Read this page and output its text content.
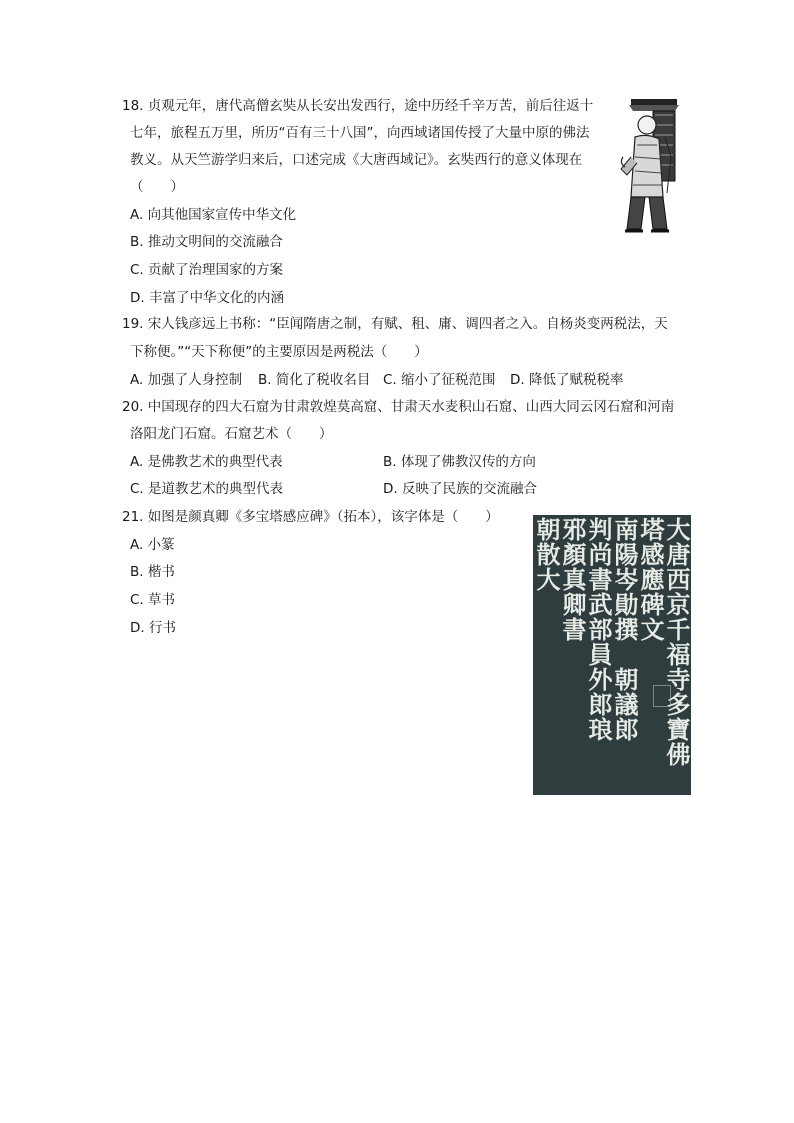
18. 贞观元年，唐代高僧玄奘从长安出发西行，途中历经千辛万苦，前后往返十
七年，旅程五万里，所历“百有三十八国”，向西域诸国传授了大量中原的佛法
教义。从天竺游学归来后，口述完成《大唐西域记》。玄奘西行的意义体现在
（　　）
A. 向其他国家宣传中华文化
B. 推动文明间的交流融合
C. 贡献了治理国家的方案
D. 丰富了中华文化的内涵
19. 宋人钱彦远上书称：“臣闻隋唐之制，有赋、租、庸、调四者之入。自杨炎变两税法，天
下称便。”“天下称便”的主要原因是两税法（　　）
A. 加强了人身控制 B. 简化了税收名目 C. 缩小了征税范围 D. 降低了赋税税率
20. 中国现存的四大石窟为甘肃敦煌莫高窟、甘肃天水麦积山石窟、山西大同云冈石窟和河南
洛阳龙门石窟。石窟艺术（　　）
A. 是佛教艺术的典型代表	B. 体现了佛教汉传的方向
C. 是道教艺术的典型代表	D. 反映了民族的交流融合
21. 如图是颜真卿《多宝塔感应碑》（拓本），该字体是（　　）
A. 小篆
B. 楷书
C. 草书
D. 行书	大唐西京千福寺多寶佛
塔感應碑文
南陽岑勛撰　朝議郎
判尚書武部員外郎琅
邪顏真卿書
朝散大
